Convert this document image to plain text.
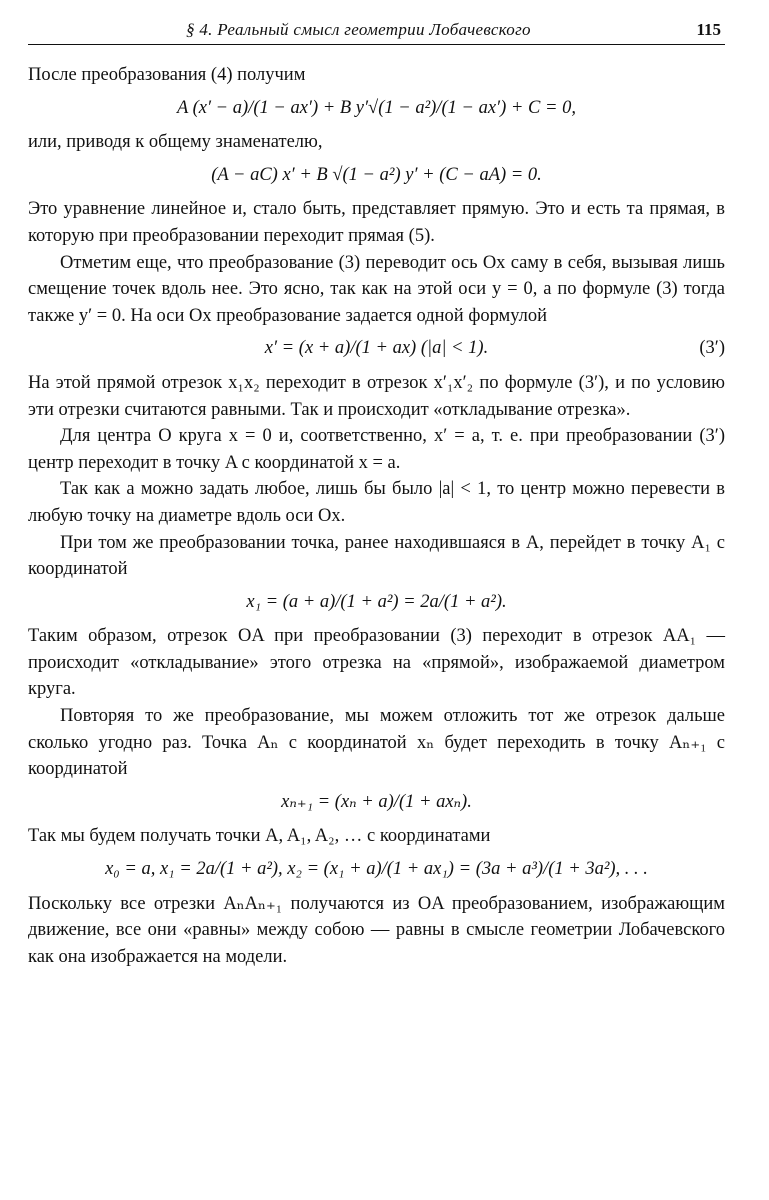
§ 4. Реальный смысл геометрии Лобачевского	115

После преобразования (4) получим

A (x′ − a)/(1 − ax′) + B y′√(1 − a²)/(1 − ax′) + C = 0,

или, приводя к общему знаменателю,

(A − aC) x′ + B √(1 − a²) y′ + (C − aA) = 0.

Это уравнение линейное и, стало быть, представляет прямую. Это и есть та прямая, в которую при преобразовании переходит прямая (5).

Отметим еще, что преобразование (3) переводит ось Ox саму в себя, вызывая лишь смещение точек вдоль нее. Это ясно, так как на этой оси y = 0, а по формуле (3) тогда также y′ = 0. На оси Ox преобразование задается одной формулой

x′ = (x + a)/(1 + ax) (|a| < 1).	(3′)

На этой прямой отрезок x₁x₂ переходит в отрезок x′₁x′₂ по формуле (3′), и по условию эти отрезки считаются равными. Так и происходит «откладывание отрезка».

Для центра O круга x = 0 и, соответственно, x′ = a, т. е. при преобразовании (3′) центр переходит в точку A с координатой x = a.

Так как a можно задать любое, лишь бы было |a| < 1, то центр можно перевести в любую точку на диаметре вдоль оси Ox.

При том же преобразовании точка, ранее находившаяся в A, перейдет в точку A₁ с координатой

x₁ = (a + a)/(1 + a²) = 2a/(1 + a²).

Таким образом, отрезок OA при преобразовании (3) переходит в отрезок AA₁ — происходит «откладывание» этого отрезка на «прямой», изображаемой диаметром круга.

Повторяя то же преобразование, мы можем отложить тот же отрезок дальше сколько угодно раз. Точка Aₙ с координатой xₙ будет переходить в точку Aₙ₊₁ с координатой

xₙ₊₁ = (xₙ + a)/(1 + axₙ).

Так мы будем получать точки A, A₁, A₂, … с координатами

x₀ = a, x₁ = 2a/(1 + a²), x₂ = (x₁ + a)/(1 + ax₁) = (3a + a³)/(1 + 3a²), . . .

Поскольку все отрезки AₙAₙ₊₁ получаются из OA преобразованием, изображающим движение, все они «равны» между собою — равны в смысле геометрии Лобачевского как она изображается на модели.
